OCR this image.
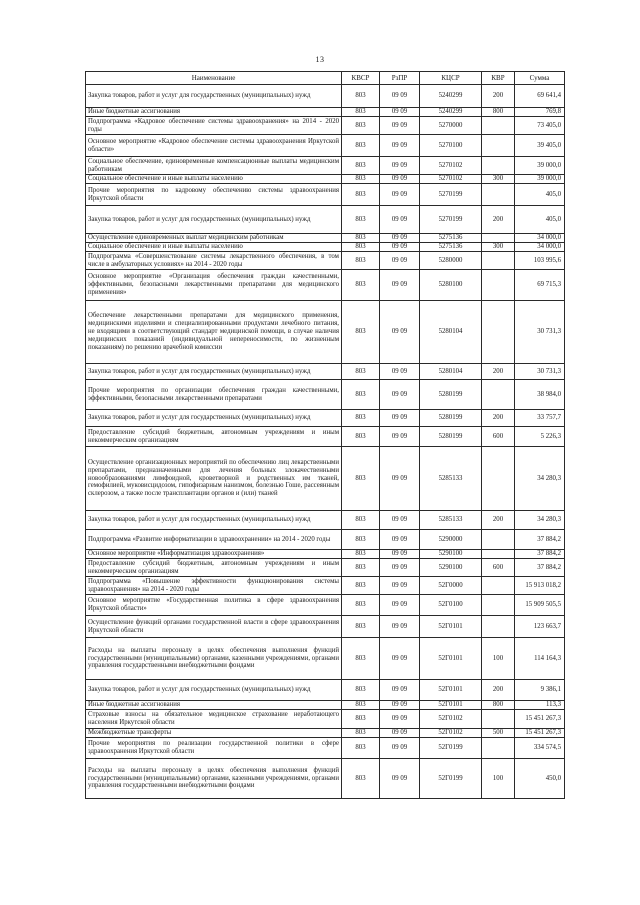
13
Наименование	КВСР	РзПР	КЦСР	КВР	Сумма
Закупка товаров, работ и услуг для государственных (муниципальных) нужд	803	09 09	5240299	200	69 641,4
Иные бюджетные ассигнования	803	09 09	5240299	800	769,8
Подпрограмма «Кадровое обеспечение системы здравоохранения» на 2014 - 2020 годы	803	09 09	5270000		73 405,0
Основное мероприятие «Кадровое обеспечение системы здравоохранения Иркутской области»	803	09 09	5270100		39 405,0
Социальное обеспечение, единовременные компенсационные выплаты медицинским работникам	803	09 09	5270102		39 000,0
Социальное обеспечение и иные выплаты населению	803	09 09	5270102	300	39 000,0
Прочие мероприятия по кадровому обеспечению системы здравоохранения Иркутской области	803	09 09	5270199		405,0
Закупка товаров, работ и услуг для государственных (муниципальных) нужд	803	09 09	5270199	200	405,0
Осуществление единовременных выплат медицинским работникам	803	09 09	5275136		34 000,0
Социальное обеспечение и иные выплаты населению	803	09 09	5275136	300	34 000,0
Подпрограмма «Совершенствование системы лекарственного обеспечения, в том числе в амбулаторных условиях» на 2014 - 2020 годы	803	09 09	5280000		103 995,6
Основное мероприятие «Организация обеспечения граждан качественными, эффективными, безопасными лекарственными препаратами для медицинского применения»	803	09 09	5280100		69 715,3
Обеспечение лекарственными препаратами для медицинского применения, медицинскими изделиями и специализированными продуктами лечебного питания, не входящими в соответствующий стандарт медицинской помощи, в случае наличия медицинских показаний (индивидуальной непереносимости, по жизненным показаниям) по решению врачебной комиссии	803	09 09	5280104		30 731,3
Закупка товаров, работ и услуг для государственных (муниципальных) нужд	803	09 09	5280104	200	30 731,3
Прочие мероприятия по организации обеспечения граждан качественными, эффективными, безопасными лекарственными препаратами	803	09 09	5280199		38 984,0
Закупка товаров, работ и услуг для государственных (муниципальных) нужд	803	09 09	5280199	200	33 757,7
Предоставление субсидий бюджетным, автономным учреждениям и иным некоммерческим организациям	803	09 09	5280199	600	5 226,3
Осуществление организационных мероприятий по обеспечению лиц лекарственными препаратами, предназначенными для лечения больных злокачественными новообразованиями лимфоидной, кроветворной и родственных им тканей, гемофилией, муковисцидозом, гипофизарным нанизмом, болезнью Гоше, рассеянным склерозом, а также после трансплантации органов и (или) тканей	803	09 09	5285133		34 280,3
Закупка товаров, работ и услуг для государственных (муниципальных) нужд	803	09 09	5285133	200	34 280,3
Подпрограмма «Развитие информатизации в здравоохранении» на 2014 - 2020 годы	803	09 09	5290000		37 884,2
Основное мероприятие «Информатизация здравоохранения»	803	09 09	5290100		37 884,2
Предоставление субсидий бюджетным, автономным учреждениям и иным некоммерческим организациям	803	09 09	5290100	600	37 884,2
Подпрограмма «Повышение эффективности функционирования системы здравоохранения» на 2014 - 2020 годы	803	09 09	52Г0000		15 913 018,2
Основное мероприятие «Государственная политика в сфере здравоохранения Иркутской области»	803	09 09	52Г0100		15 909 505,5
Осуществление функций органами государственной власти в сфере здравоохранения Иркутской области	803	09 09	52Г0101		123 663,7
Расходы на выплаты персоналу в целях обеспечения выполнения функций государственными (муниципальными) органами, казенными учреждениями, органами управления государственными внебюджетными фондами	803	09 09	52Г0101	100	114 164,3
Закупка товаров, работ и услуг для государственных (муниципальных) нужд	803	09 09	52Г0101	200	9 386,1
Иные бюджетные ассигнования	803	09 09	52Г0101	800	113,3
Страховые взносы на обязательное медицинское страхование неработающего населения Иркутской области	803	09 09	52Г0102		15 451 267,3
Межбюджетные трансферты	803	09 09	52Г0102	500	15 451 267,3
Прочие мероприятия по реализации государственной политики в сфере здравоохранения Иркутской области	803	09 09	52Г0199		334 574,5
Расходы на выплаты персоналу в целях обеспечения выполнения функций государственными (муниципальными) органами, казенными учреждениями, органами управления государственными внебюджетными фондами	803	09 09	52Г0199	100	450,0
